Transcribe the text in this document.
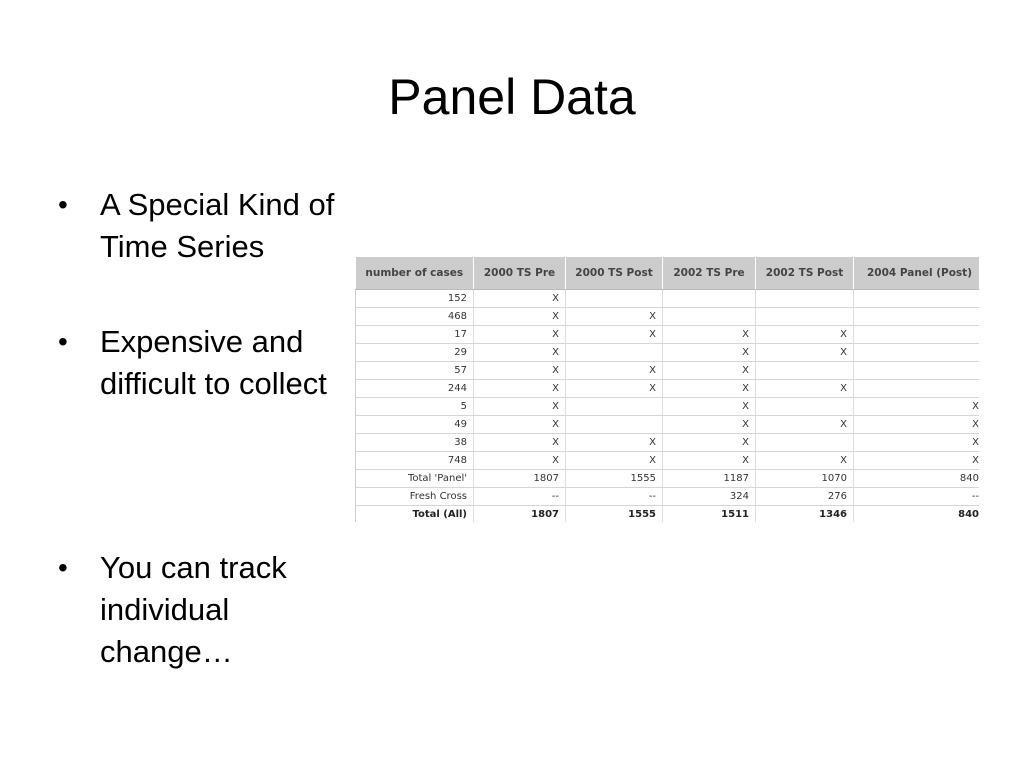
Panel Data
•	A Special Kind of Time Series
•	Expensive and difficult to collect
•	You can track individual change…
number of cases	2000 TS Pre	2000 TS Post	2002 TS Pre	2002 TS Post	2004 Panel (Post)
152	X				
468	X	X			
17	X	X	X	X	
29	X		X	X	
57	X	X	X		
244	X	X	X	X	
5	X		X		X
49	X		X	X	X
38	X	X	X		X
748	X	X	X	X	X
Total 'Panel'	1807	1555	1187	1070	840
Fresh Cross	--	--	324	276	--
Total (All)	1807	1555	1511	1346	840
